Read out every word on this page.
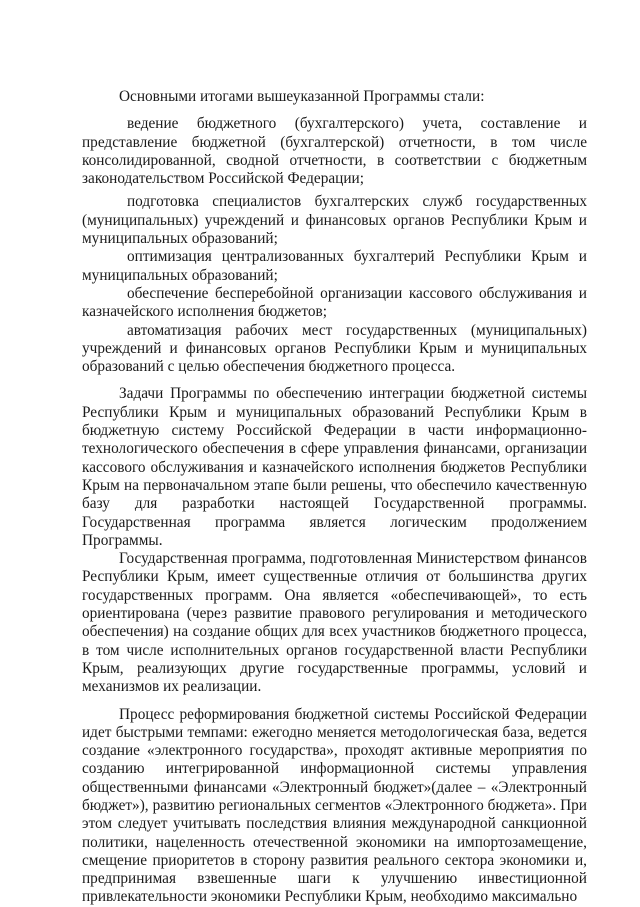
Основными итогами вышеуказанной Программы стали:

ведение бюджетного (бухгалтерского) учета, составление и представление бюджетной (бухгалтерской) отчетности, в том числе консолидированной, сводной отчетности, в соответствии с бюджетным законодательством Российской Федерации;

подготовка специалистов бухгалтерских служб государственных (муниципальных) учреждений и финансовых органов Республики Крым и муниципальных образований;

оптимизация централизованных бухгалтерий Республики Крым и муниципальных образований;

обеспечение бесперебойной организации кассового обслуживания и казначейского исполнения бюджетов;

автоматизация рабочих мест государственных (муниципальных) учреждений и финансовых органов Республики Крым и муниципальных образований с целью обеспечения бюджетного процесса.

Задачи Программы по обеспечению интеграции бюджетной системы Республики Крым и муниципальных образований Республики Крым в бюджетную систему Российской Федерации в части информационно-технологического обеспечения в сфере управления финансами, организации кассового обслуживания и казначейского исполнения бюджетов Республики Крым на первоначальном этапе были решены, что обеспечило качественную базу для разработки настоящей Государственной программы. Государственная программа является логическим продолжением Программы.

Государственная программа, подготовленная Министерством финансов Республики Крым, имеет существенные отличия от большинства других государственных программ. Она является «обеспечивающей», то есть ориентирована (через развитие правового регулирования и методического обеспечения) на создание общих для всех участников бюджетного процесса, в том числе исполнительных органов государственной власти Республики Крым, реализующих другие государственные программы, условий и механизмов их реализации.

Процесс реформирования бюджетной системы Российской Федерации идет быстрыми темпами: ежегодно меняется методологическая база, ведется создание «электронного государства», проходят активные мероприятия по созданию интегрированной информационной системы управления общественными финансами «Электронный бюджет»(далее – «Электронный бюджет»), развитию региональных сегментов «Электронного бюджета». При этом следует учитывать последствия влияния международной санкционной политики, нацеленность отечественной экономики на импортозамещение, смещение приоритетов в сторону развития реального сектора экономики и, предпринимая взвешенные шаги к улучшению инвестиционной привлекательности экономики Республики Крым, необходимо максимально
